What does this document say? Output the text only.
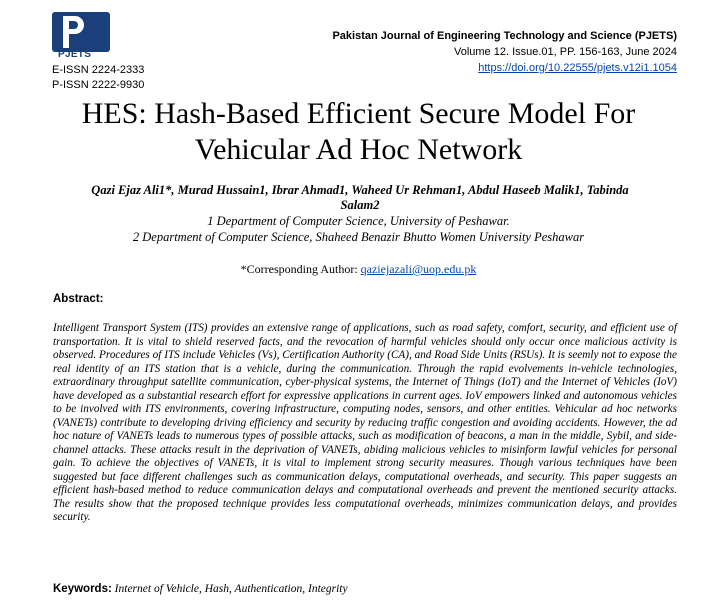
PJETS
E-ISSN 2224-2333
P-ISSN 2222-9930
Pakistan Journal of Engineering Technology and Science (PJETS)
Volume 12. Issue.01, PP. 156-163, June 2024
https://doi.org/10.22555/pjets.v12i1.1054
HES: Hash-Based Efficient Secure Model For
Vehicular Ad Hoc Network
Qazi Ejaz Ali1*, Murad Hussain1, Ibrar Ahmad1, Waheed Ur Rehman1, Abdul Haseeb Malik1, Tabinda
Salam2
1 Department of Computer Science, University of Peshawar.
2 Department of Computer Science, Shaheed Benazir Bhutto Women University Peshawar
*Corresponding Author: qaziejazali@uop.edu.pk
Abstract:
Intelligent Transport System (ITS) provides an extensive range of applications, such as road safety, comfort, security, and efficient use of transportation. It is vital to shield reserved facts, and the revocation of harmful vehicles should only occur once malicious activity is observed. Procedures of ITS include Vehicles (Vs), Certification Authority (CA), and Road Side Units (RSUs). It is seemly not to expose the real identity of an ITS station that is a vehicle, during the communication. Through the rapid evolvements in-vehicle technologies, extraordinary throughput satellite communication, cyber-physical systems, the Internet of Things (IoT) and the Internet of Vehicles (IoV) have developed as a substantial research effort for expressive applications in current ages. IoV empowers linked and autonomous vehicles to be involved with ITS environments, covering infrastructure, computing nodes, sensors, and other entities. Vehicular ad hoc networks (VANETs) contribute to developing driving efficiency and security by reducing traffic congestion and avoiding accidents. However, the ad hoc nature of VANETs leads to numerous types of possible attacks, such as modification of beacons, a man in the middle, Sybil, and side-channel attacks. These attacks result in the deprivation of VANETs, abiding malicious vehicles to misinform lawful vehicles for personal gain. To achieve the objectives of VANETs, it is vital to implement strong security measures. Though various techniques have been suggested but face different challenges such as communication delays, computational overheads, and security. This paper suggests an efficient hash-based method to reduce communication delays and computational overheads and prevent the mentioned security attacks. The results show that the proposed technique provides less computational overheads, minimizes communication delays, and provides security.
Keywords: Internet of Vehicle, Hash, Authentication, Integrity
